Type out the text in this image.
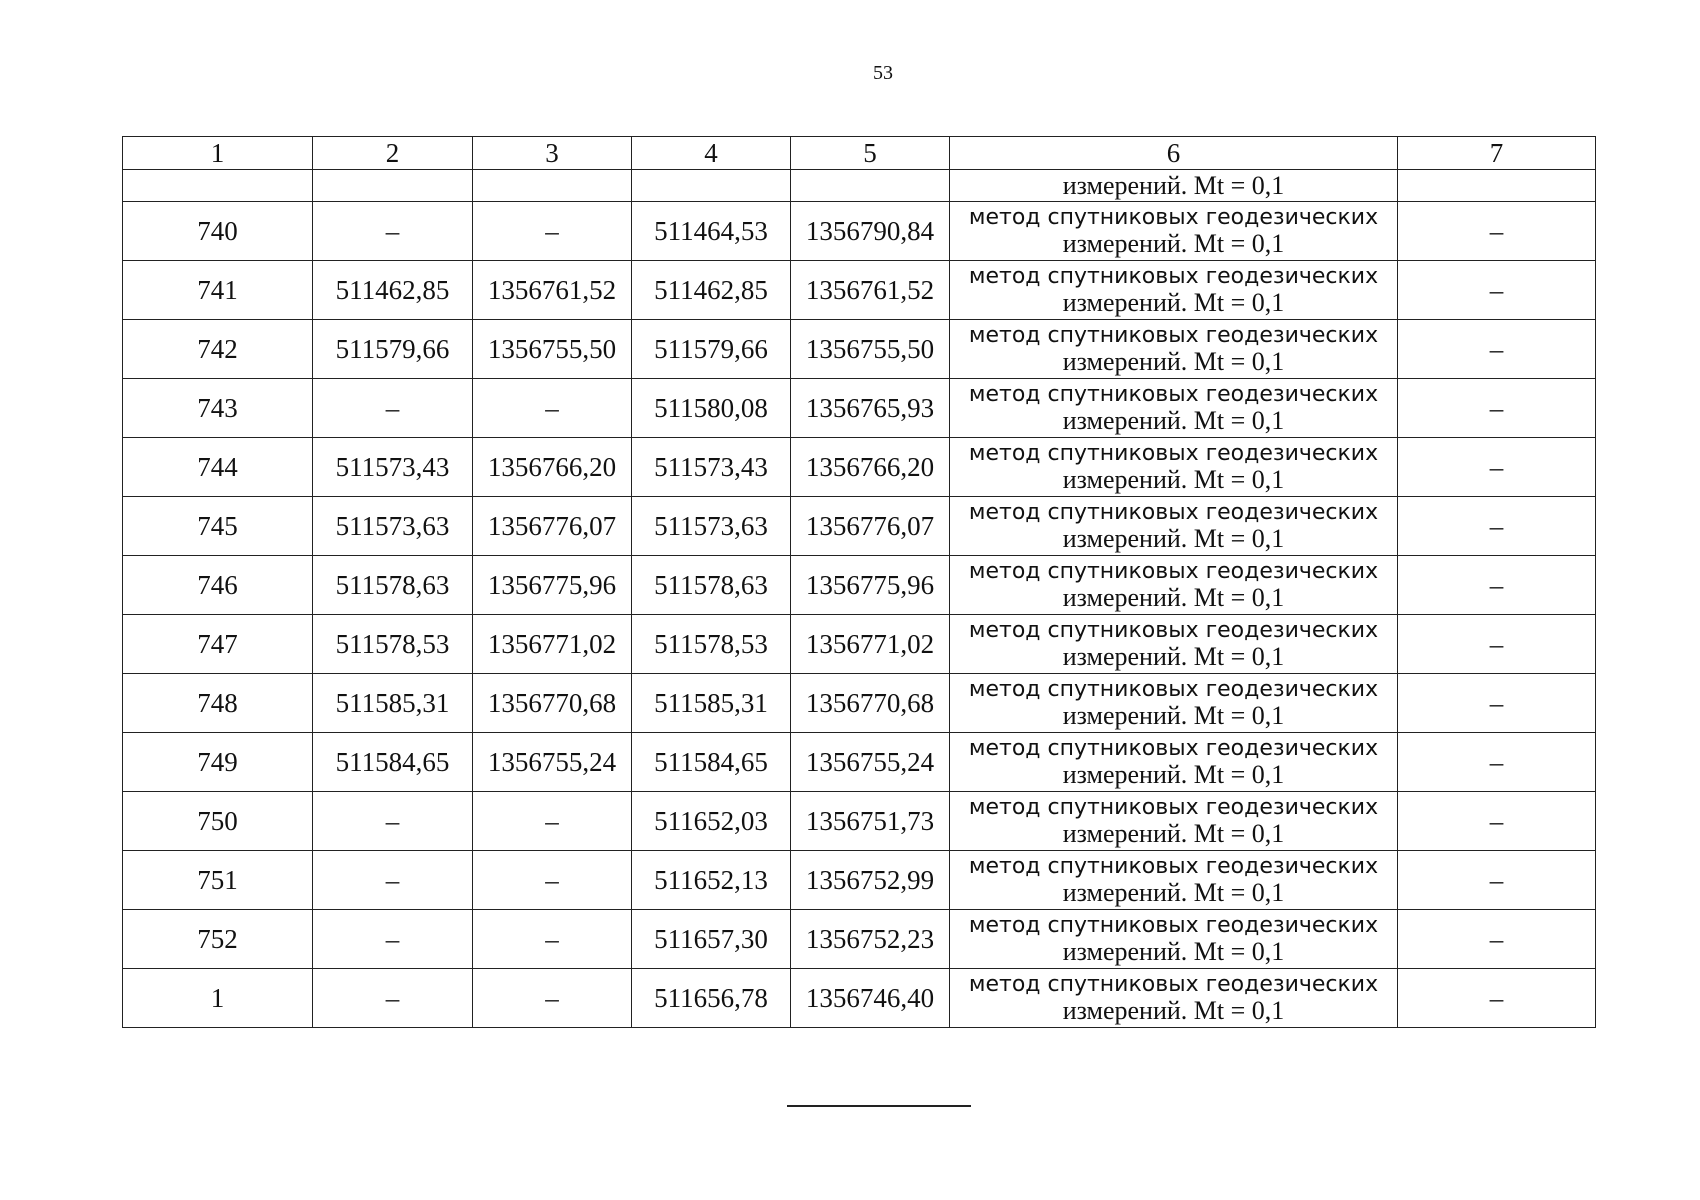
53
1	2	3	4	5	6	7

					измерений. Mt = 0,1	

740	–	–	511464,53	1356790,84	метод спутниковых геодезических
измерений. Mt = 0,1	–
741	511462,85	1356761,52	511462,85	1356761,52	метод спутниковых геодезических
измерений. Mt = 0,1	–
742	511579,66	1356755,50	511579,66	1356755,50	метод спутниковых геодезических
измерений. Mt = 0,1	–
743	–	–	511580,08	1356765,93	метод спутниковых геодезических
измерений. Mt = 0,1	–
744	511573,43	1356766,20	511573,43	1356766,20	метод спутниковых геодезических
измерений. Mt = 0,1	–
745	511573,63	1356776,07	511573,63	1356776,07	метод спутниковых геодезических
измерений. Mt = 0,1	–
746	511578,63	1356775,96	511578,63	1356775,96	метод спутниковых геодезических
измерений. Mt = 0,1	–
747	511578,53	1356771,02	511578,53	1356771,02	метод спутниковых геодезических
измерений. Mt = 0,1	–
748	511585,31	1356770,68	511585,31	1356770,68	метод спутниковых геодезических
измерений. Mt = 0,1	–
749	511584,65	1356755,24	511584,65	1356755,24	метод спутниковых геодезических
измерений. Mt = 0,1	–
750	–	–	511652,03	1356751,73	метод спутниковых геодезических
измерений. Mt = 0,1	–
751	–	–	511652,13	1356752,99	метод спутниковых геодезических
измерений. Mt = 0,1	–
752	–	–	511657,30	1356752,23	метод спутниковых геодезических
измерений. Mt = 0,1	–
1	–	–	511656,78	1356746,40	метод спутниковых геодезических
измерений. Mt = 0,1	–
